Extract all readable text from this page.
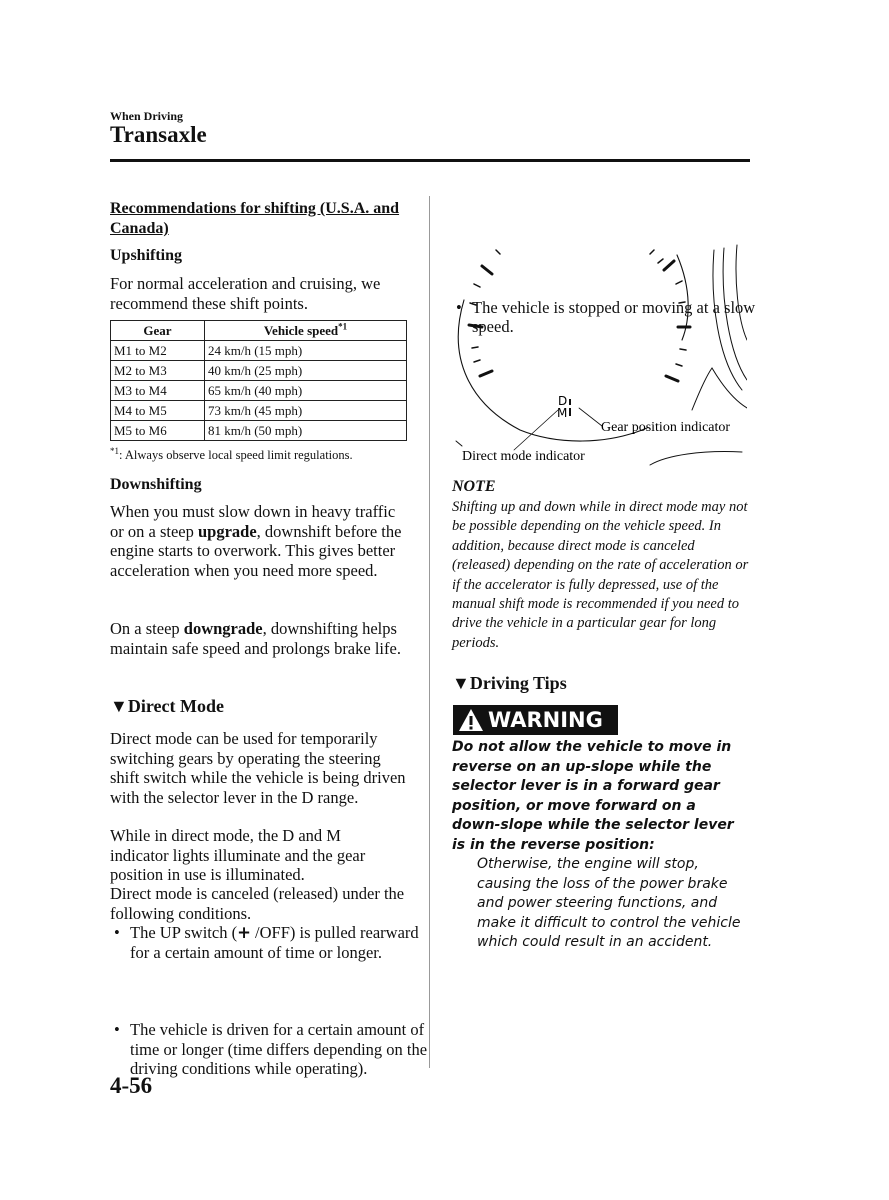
When Driving
Transaxle
Recommendations for shifting (U.S.A. and Canada)
Upshifting
For normal acceleration and cruising, we recommend these shift points.
Gear	Vehicle speed$^{*1}$
M1 to M2	24 km/h (15 mph)
M2 to M3	40 km/h (25 mph)
M3 to M4	65 km/h (40 mph)
M4 to M5	73 km/h (45 mph)
M5 to M6	81 km/h (50 mph)
$^{*1}$: Always observe local speed limit regulations.
Downshifting
When you must slow down in heavy traffic or on a steep upgrade, downshift before the engine starts to overwork. This gives better acceleration when you need more speed.
On a steep downgrade, downshifting helps maintain safe speed and prolongs brake life.
▼Direct Mode
Direct mode can be used for temporarily switching gears by operating the steering shift switch while the vehicle is being driven with the selector lever in the D range.
While in direct mode, the D and M indicator lights illuminate and the gear position in use is illuminated.
Direct mode is canceled (released) under the following conditions.
• The UP switch (+ /OFF) is pulled rearward for a certain amount of time or longer.
• The vehicle is driven for a certain amount of time or longer (time differs depending on the driving conditions while operating).
• The vehicle is stopped or moving at a slow speed.
D
M
Gear position indicator
Direct mode indicator
NOTE
Shifting up and down while in direct mode may not be possible depending on the vehicle speed. In addition, because direct mode is canceled (released) depending on the rate of acceleration or if the accelerator is fully depressed, use of the manual shift mode is recommended if you need to drive the vehicle in a particular gear for long periods.
▼Driving Tips
WARNING
Do not allow the vehicle to move in reverse on an up-slope while the selector lever is in a forward gear position, or move forward on a down-slope while the selector lever is in the reverse position:
Otherwise, the engine will stop, causing the loss of the power brake and power steering functions, and make it difficult to control the vehicle which could result in an accident.
4-56
